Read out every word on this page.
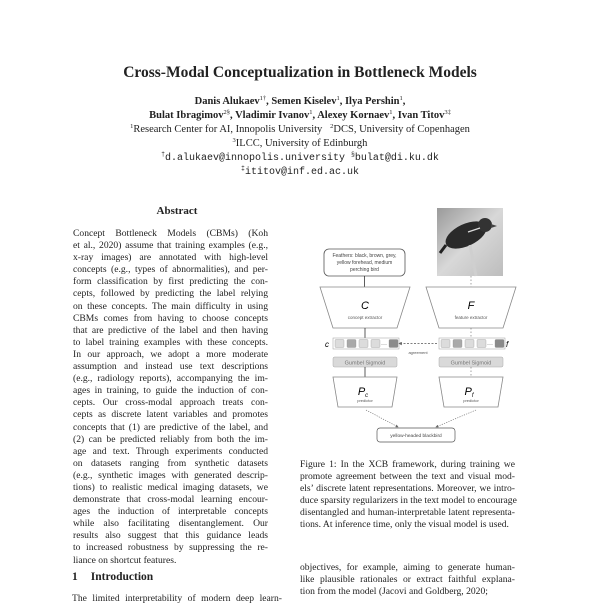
Cross-Modal Conceptualization in Bottleneck Models
Danis Alukaev$^{1\dagger}$, Semen Kiselev$^1$, Ilya Pershin$^1$,
Bulat Ibragimov$^{2\S}$, Vladimir Ivanov$^1$, Alexey Kornaev$^1$, Ivan Titov$^{3\ddagger}$
$^1$Research Center for AI, Innopolis University $^2$DCS, University of Copenhagen
$^3$ILCC, University of Edinburgh
†d.alukaev@innopolis.university §bulat@di.ku.dk
‡ititov@inf.ed.ac.uk
Abstract
Concept Bottleneck Models (CBMs) (Koh
et al., 2020) assume that training examples (e.g.,
x-ray images) are annotated with high-level
concepts (e.g., types of abnormalities), and per-
form classification by first predicting the con-
cepts, followed by predicting the label relying
on these concepts. The main difficulty in using
CBMs comes from having to choose concepts
that are predictive of the label and then having
to label training examples with these concepts.
In our approach, we adopt a more moderate
assumption and instead use text descriptions
(e.g., radiology reports), accompanying the im-
ages in training, to guide the induction of con-
cepts. Our cross-modal approach treats con-
cepts as discrete latent variables and promotes
concepts that (1) are predictive of the label, and
(2) can be predicted reliably from both the im-
age and text. Through experiments conducted
on datasets ranging from synthetic datasets
(e.g., synthetic images with generated descrip-
tions) to realistic medical imaging datasets, we
demonstrate that cross-modal learning encour-
ages the induction of interpretable concepts
while also facilitating disentanglement. Our
results also suggest that this guidance leads
to increased robustness by suppressing the re-
liance on shortcut features.
1 Introduction
The limited interpretability of modern deep learn-
Feathers: black, brown, grey,
yellow forehead, medium
perching bird
C
concept extractor
F
feature extractor
c	···	··· f
agreement
Gumbel Sigmoid	Gumbel Sigmoid
Pc
predictor
Pf
predictor
yellow-headed blackbird
Figure 1: In the XCB framework, during training we
promote agreement between the text and visual mod-
els’ discrete latent representations. Moreover, we intro-
duce sparsity regularizers in the text model to encourage
disentangled and human-interpretable latent representa-
tions. At inference time, only the visual model is used.
objectives, for example, aiming to generate human-
like plausible rationales or extract faithful explana-
tion from the model (Jacovi and Goldberg, 2020;
